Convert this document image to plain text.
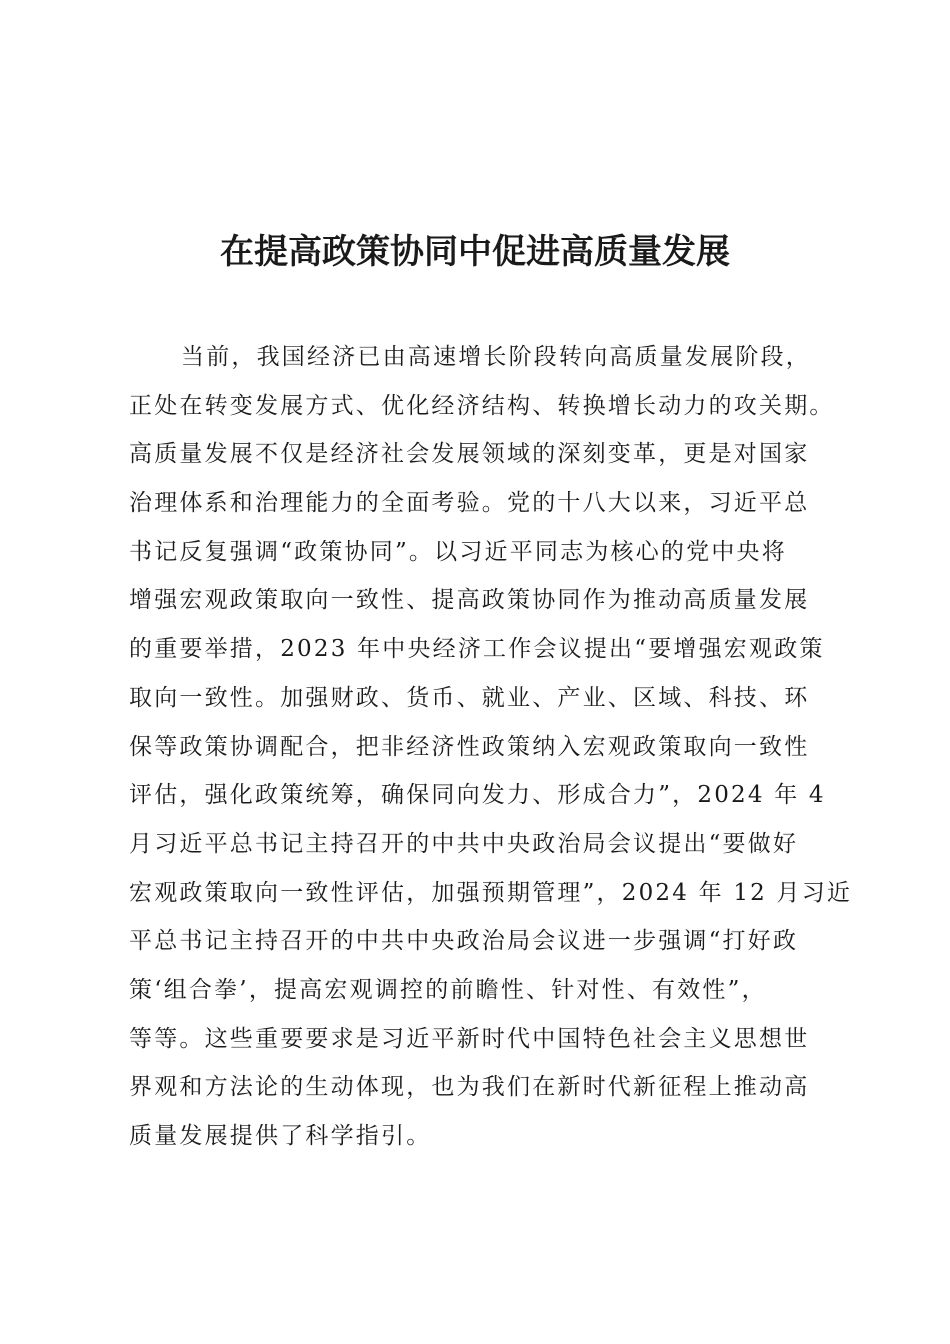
在提高政策协同中促进高质量发展
当前，我国经济已由高速增长阶段转向高质量发展阶段，
正处在转变发展方式、优化经济结构、转换增长动力的攻关期。
高质量发展不仅是经济社会发展领域的深刻变革，更是对国家
治理体系和治理能力的全面考验。党的十八大以来，习近平总
书记反复强调“政策协同”。以习近平同志为核心的党中央将
增强宏观政策取向一致性、提高政策协同作为推动高质量发展
的重要举措，2023 年中央经济工作会议提出“要增强宏观政策
取向一致性。加强财政、货币、就业、产业、区域、科技、环
保等政策协调配合，把非经济性政策纳入宏观政策取向一致性
评估，强化政策统筹，确保同向发力、形成合力”，2024 年 4
月习近平总书记主持召开的中共中央政治局会议提出“要做好
宏观政策取向一致性评估，加强预期管理”，2024 年 12 月习近
平总书记主持召开的中共中央政治局会议进一步强调“打好政
策‘组合拳’，提高宏观调控的前瞻性、针对性、有效性”，
等等。这些重要要求是习近平新时代中国特色社会主义思想世
界观和方法论的生动体现，也为我们在新时代新征程上推动高
质量发展提供了科学指引。
